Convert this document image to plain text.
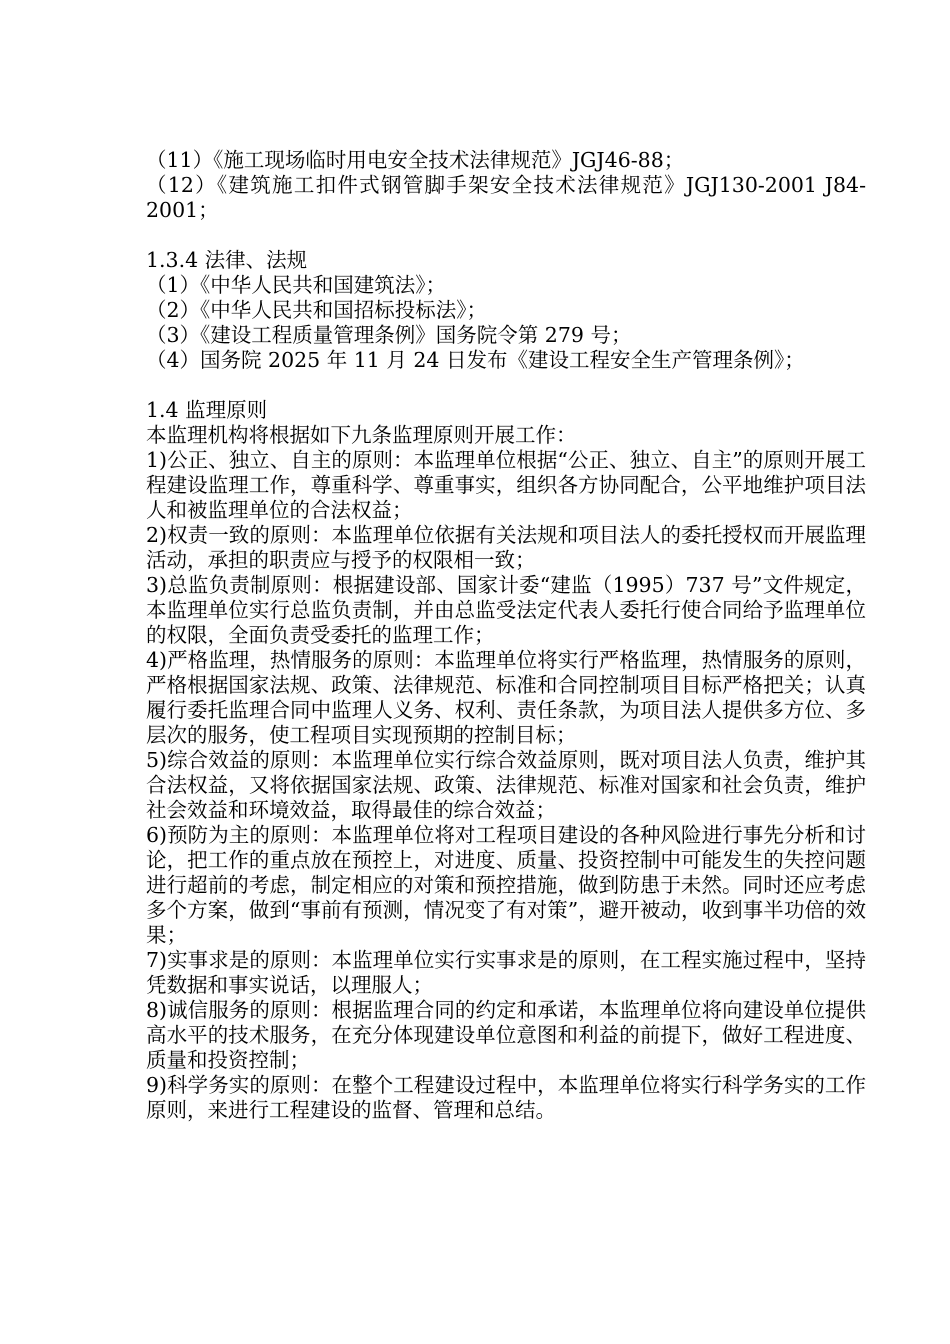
（11）《施工现场临时用电安全技术法律规范》JGJ46-88；
（12）《建筑施工扣件式钢管脚手架安全技术法律规范》JGJ130-2001 J84-2001；
1.3.4 法律、法规
（1）《中华人民共和国建筑法》；
（2）《中华人民共和国招标投标法》；
（3）《建设工程质量管理条例》国务院令第 279 号；
（4）国务院 2025 年 11 月 24 日发布《建设工程安全生产管理条例》；
1.4 监理原则
本监理机构将根据如下九条监理原则开展工作：
1)公正、独立、自主的原则：本监理单位根据“公正、独立、自主”的原则开展工程建设监理工作，尊重科学、尊重事实，组织各方协同配合，公平地维护项目法人和被监理单位的合法权益；
2)权责一致的原则：本监理单位依据有关法规和项目法人的委托授权而开展监理活动，承担的职责应与授予的权限相一致；
3)总监负责制原则：根据建设部、国家计委“建监（1995）737 号”文件规定，本监理单位实行总监负责制，并由总监受法定代表人委托行使合同给予监理单位的权限，全面负责受委托的监理工作；
4)严格监理，热情服务的原则：本监理单位将实行严格监理，热情服务的原则，严格根据国家法规、政策、法律规范、标准和合同控制项目目标严格把关；认真履行委托监理合同中监理人义务、权利、责任条款，为项目法人提供多方位、多层次的服务，使工程项目实现预期的控制目标；
5)综合效益的原则：本监理单位实行综合效益原则，既对项目法人负责，维护其合法权益，又将依据国家法规、政策、法律规范、标准对国家和社会负责，维护社会效益和环境效益，取得最佳的综合效益；
6)预防为主的原则：本监理单位将对工程项目建设的各种风险进行事先分析和讨论，把工作的重点放在预控上，对进度、质量、投资控制中可能发生的失控问题进行超前的考虑，制定相应的对策和预控措施，做到防患于未然。同时还应考虑多个方案，做到“事前有预测，情况变了有对策”，避开被动，收到事半功倍的效果；
7)实事求是的原则：本监理单位实行实事求是的原则，在工程实施过程中，坚持凭数据和事实说话，以理服人；
8)诚信服务的原则：根据监理合同的约定和承诺，本监理单位将向建设单位提供高水平的技术服务，在充分体现建设单位意图和利益的前提下，做好工程进度、质量和投资控制；
9)科学务实的原则：在整个工程建设过程中，本监理单位将实行科学务实的工作原则，来进行工程建设的监督、管理和总结。
